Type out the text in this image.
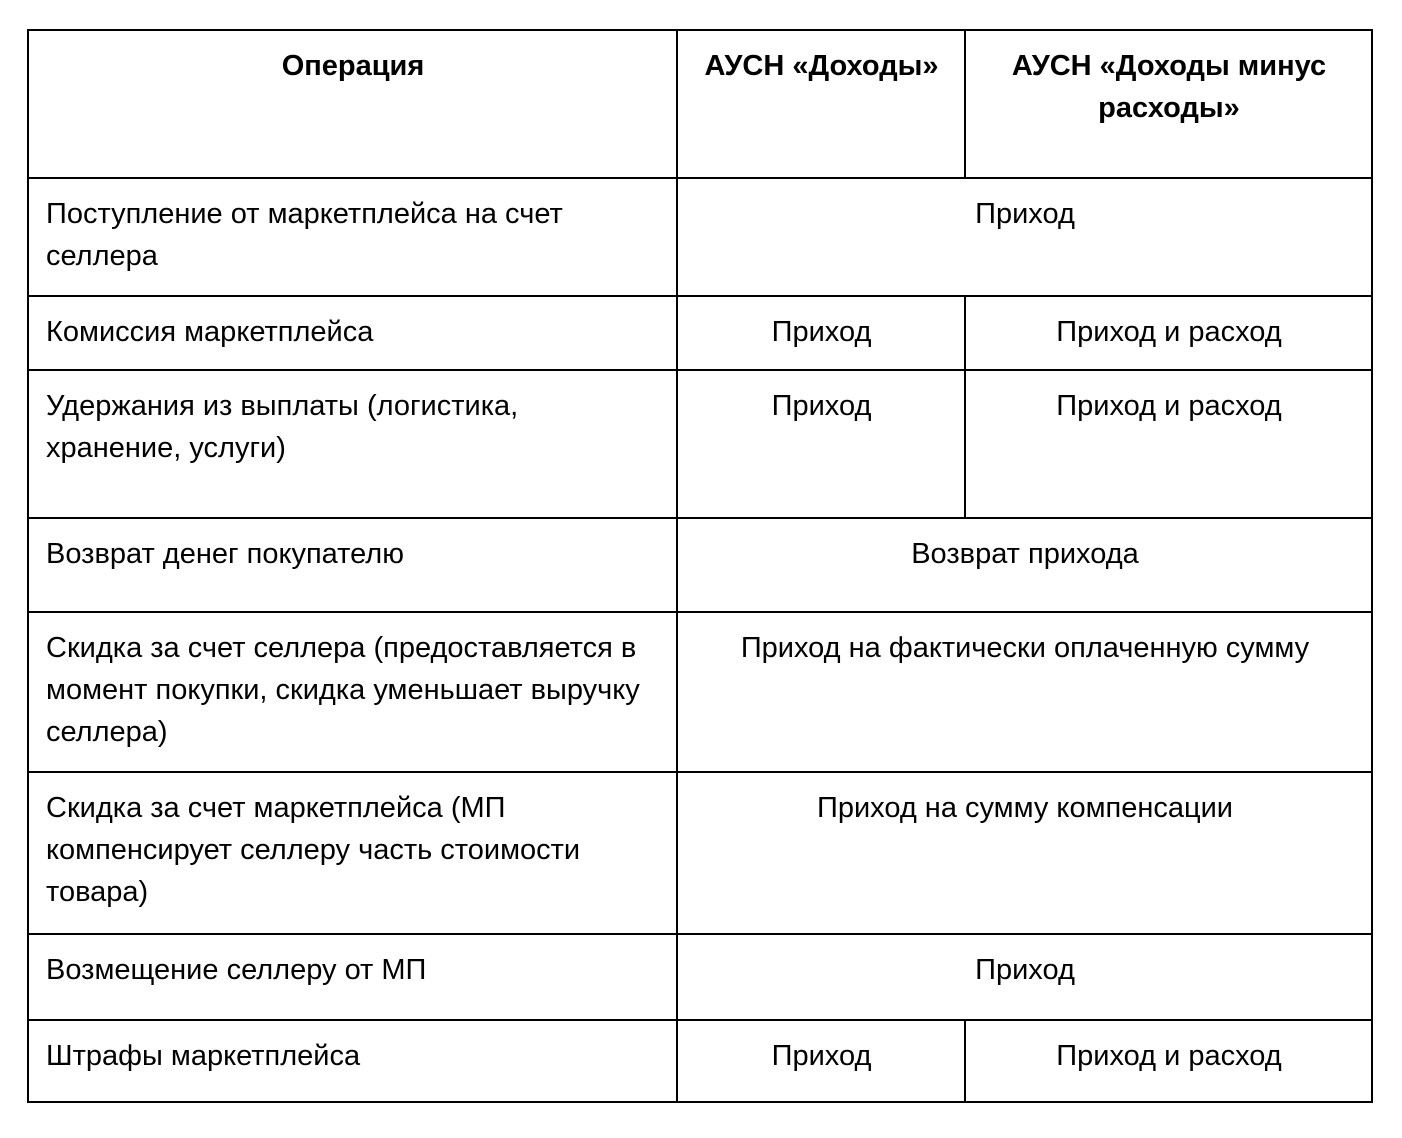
Операция	АУСН «Доходы»	АУСН «Доходы минус расходы»
Поступление от маркетплейса на счет селлера	Приход	
Комиссия маркетплейса	Приход	Приход и расход
Удержания из выплаты (логистика, хранение, услуги)	Приход	Приход и расход
Возврат денег покупателю	Возврат прихода	
Скидка за счет селлера (предоставляется в момент покупки, скидка уменьшает выручку селлера)	Приход на фактически оплаченную сумму	
Скидка за счет маркетплейса (МП компенсирует селлеру часть стоимости товара)	Приход на сумму компенсации	
Возмещение селлеру от МП	Приход	
Штрафы маркетплейса	Приход	Приход и расход
